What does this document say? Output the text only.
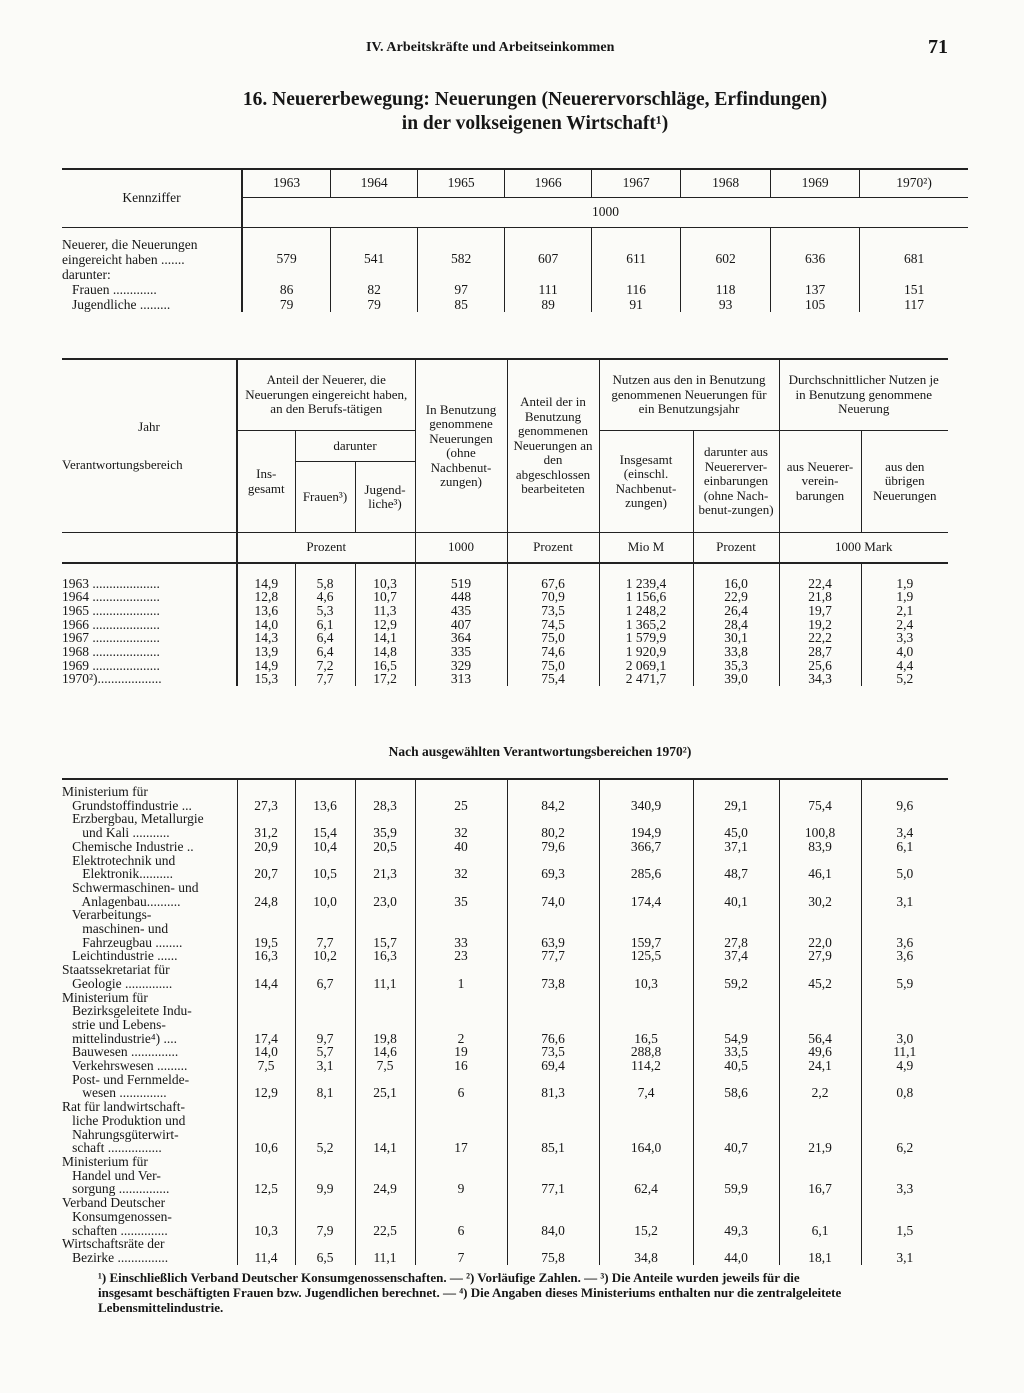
IV. Arbeitskräfte und Arbeitseinkommen	71
16. Neuererbewegung: Neuerungen (Neuerervorschläge, Erfindungen)
in der volkseigenen Wirtschaft¹)
Kennziffer	1963	1964	1965	1966	1967	1968	1969	1970²)
	1000							

Neuerer, die Neuerungen
eingereicht haben .......	579	541	582	607	611	602	636	681
darunter:								
Frauen .............	86	82	97	111	116	118	137	151
Jugendliche .........	79	79	85	89	91	93	105	117
Jahr
Verantwortungsbereich	Anteil der Neuerer, die Neuerungen eingereicht haben, an den Berufs-tätigen			In Benutzung genommene Neuerungen (ohne Nachbenut-zungen)	Anteil der in Benutzung genommenen Neuerungen an den abgeschlossen bearbeiteten	Nutzen aus den in Benutzung genommenen Neuerungen für ein Benutzungsjahr		Durchschnittlicher Nutzen je in Benutzung genommene Neuerung	
	Ins-gesamt	darunter				Insgesamt (einschl. Nachbenut-zungen)	darunter aus Neuererver-einbarungen (ohne Nach-benut-zungen)	aus Neuerer-verein-barungen	aus den übrigen Neuerungen
		Frauen³)	Jugend-liche³)						
	Prozent			1000	Prozent	Mio M	Prozent	1000 Mark	

1963 ....................	14,9	5,8	10,3	519	67,6	1 239,4	16,0	22,4	1,9
1964 ....................	12,8	4,6	10,7	448	70,9	1 156,6	22,9	21,8	1,9
1965 ....................	13,6	5,3	11,3	435	73,5	1 248,2	26,4	19,7	2,1
1966 ....................	14,0	6,1	12,9	407	74,5	1 365,2	28,4	19,2	2,4
1967 ....................	14,3	6,4	14,1	364	75,0	1 579,9	30,1	22,2	3,3
1968 ....................	13,9	6,4	14,8	335	74,6	1 920,9	33,8	28,7	4,0
1969 ....................	14,9	7,2	16,5	329	75,0	2 069,1	35,3	25,6	4,4
1970²)...................	15,3	7,7	17,2	313	75,4	2 471,7	39,0	34,3	5,2
Nach ausgewählten Verantwortungsbereichen 1970²)

Ministerium für
Grundstoffindustrie ...	27,3	13,6	28,3	25	84,2	340,9	29,1	75,4	9,6
Erzbergbau, Metallurgie
und Kali ...........	31,2	15,4	35,9	32	80,2	194,9	45,0	100,8	3,4
Chemische Industrie ..	20,9	10,4	20,5	40	79,6	366,7	37,1	83,9	6,1
Elektrotechnik und
Elektronik..........	20,7	10,5	21,3	32	69,3	285,6	48,7	46,1	5,0
Schwermaschinen- und
Anlagenbau..........	24,8	10,0	23,0	35	74,0	174,4	40,1	30,2	3,1
Verarbeitungs-
maschinen- und
Fahrzeugbau ........	19,5	7,7	15,7	33	63,9	159,7	27,8	22,0	3,6
Leichtindustrie ......	16,3	10,2	16,3	23	77,7	125,5	37,4	27,9	3,6
Staatssekretariat für
Geologie ..............	14,4	6,7	11,1	1	73,8	10,3	59,2	45,2	5,9
Ministerium für
Bezirksgeleitete Indu-
strie und Lebens-
mittelindustrie⁴) ....	17,4	9,7	19,8	2	76,6	16,5	54,9	56,4	3,0
Bauwesen ..............	14,0	5,7	14,6	19	73,5	288,8	33,5	49,6	11,1
Verkehrswesen .........	7,5	3,1	7,5	16	69,4	114,2	40,5	24,1	4,9
Post- und Fernmelde-
wesen ..............	12,9	8,1	25,1	6	81,3	7,4	58,6	2,2	0,8
Rat für landwirtschaft-
liche Produktion und
Nahrungsgüterwirt-
schaft ................	10,6	5,2	14,1	17	85,1	164,0	40,7	21,9	6,2
Ministerium für
Handel und Ver-
sorgung ...............	12,5	9,9	24,9	9	77,1	62,4	59,9	16,7	3,3
Verband Deutscher
Konsumgenossen-
schaften ..............	10,3	7,9	22,5	6	84,0	15,2	49,3	6,1	1,5
Wirtschaftsräte der
Bezirke ...............	11,4	6,5	11,1	7	75,8	34,8	44,0	18,1	3,1

¹) Einschließlich Verband Deutscher Konsumgenossenschaften. — ²) Vorläufige Zahlen. — ³) Die Anteile wurden jeweils für die

insgesamt beschäftigten Frauen bzw. Jugendlichen berechnet. — ⁴) Die Angaben dieses Ministeriums enthalten nur die zentralgeleitete

Lebensmittelindustrie.
